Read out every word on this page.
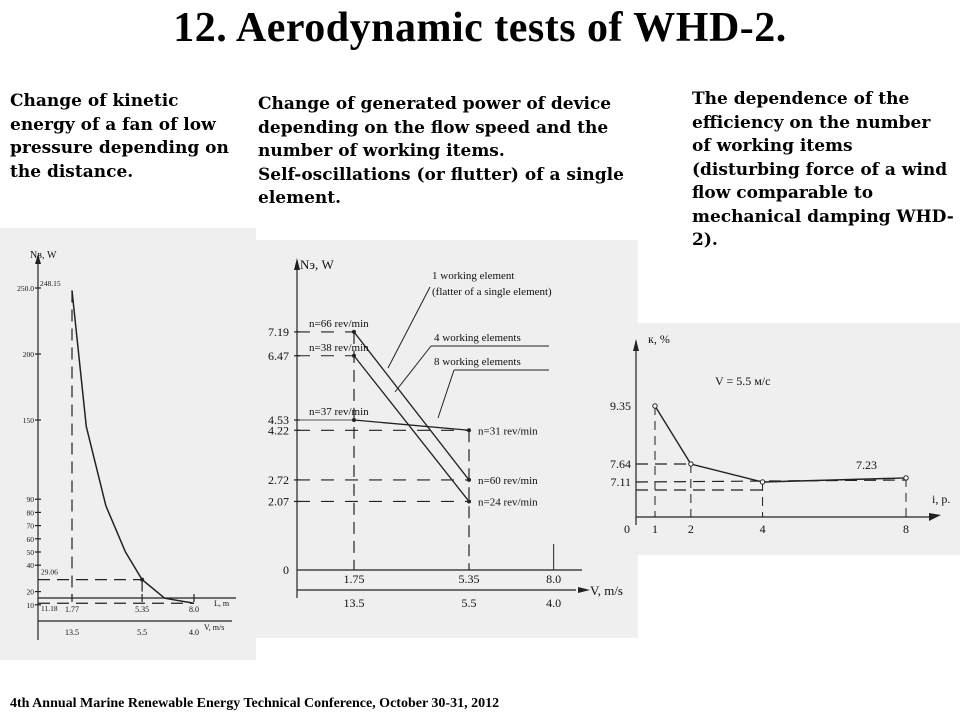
12. Aerodynamic tests of WHD-2.
Change of kinetic energy of a fan of low pressure depending on the distance.
Change of generated power of device depending on the flow speed and the number of working items.
Self-oscillations (or flutter) of a single element.
The dependence of the efficiency on the number of working items (disturbing force of a wind flow comparable to mechanical damping WHD-2).
Nв, W
L, m
V, m/s
250.0
200
150
90
80
70
60
50
40
20
10	1.77
13.5
5.35
5.5
8.0
4.0
248.15
29.06
11.18
Nэ, W
V, m/s
7.19
6.47
4.53
4.22
2.72
2.07
0
1.75
13.5
5.35
5.5
8.0
4.0
n=37 rev/min
n=31 rev/min
n=66 rev/min
n=60 rev/min
n=38 rev/min
n=24 rev/min
1 working element
(flatter of a single element)
4 working elements
8 working elements
к, %
i, p.
V = 5.5 м/с
9.35
7.64
7.11
0 1 2	4	8
7.23
4th Annual Marine Renewable Energy Technical Conference, October 30-31, 2012
